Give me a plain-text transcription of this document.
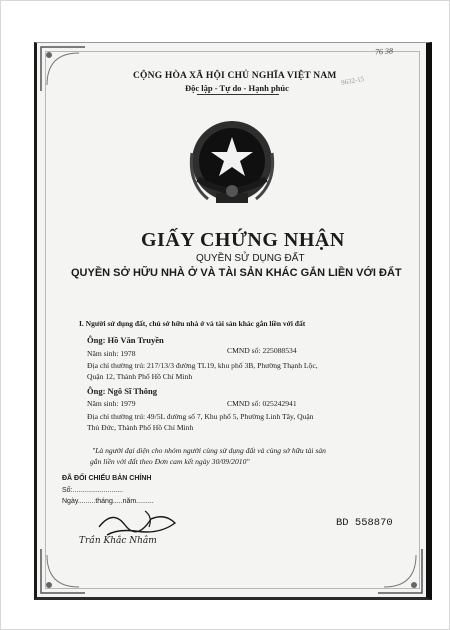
76 38
9632-15
CỘNG HÒA XÃ HỘI CHỦ NGHĨA VIỆT NAM
Độc lập - Tự do - Hạnh phúc
GIẤY CHỨNG NHẬN
QUYỀN SỬ DỤNG ĐẤT
QUYỀN SỞ HỮU NHÀ Ở VÀ TÀI SẢN KHÁC GẮN LIỀN VỚI ĐẤT
I. Người sử dụng đất, chủ sở hữu nhà ở và tài sản khác gắn liền với đất
Ông: Hồ Văn Truyền
Năm sinh: 1978	CMND số: 225088534
Địa chỉ thường trú: 217/13/3 đường TL19, khu phố 3B, Phường Thạnh Lộc,
Quận 12, Thành Phố Hồ Chí Minh
Ông: Ngô Sĩ Thông
Năm sinh: 1979	CMND số: 025242941
Địa chỉ thường trú: 49/5L đường số 7, Khu phố 5, Phường Linh Tây, Quận
Thủ Đức, Thành Phố Hồ Chí Minh
"Là người đại diện cho nhóm người cùng sử dụng đất và cùng sở hữu tài sản
gắn liền với đất theo Đơn cam kết ngày 30/09/2010"
ĐÃ ĐỐI CHIẾU BẢN CHÍNH
Số:..........................
Ngày.........tháng.....năm.........
Trần Khắc Nhâm
BD 558870
